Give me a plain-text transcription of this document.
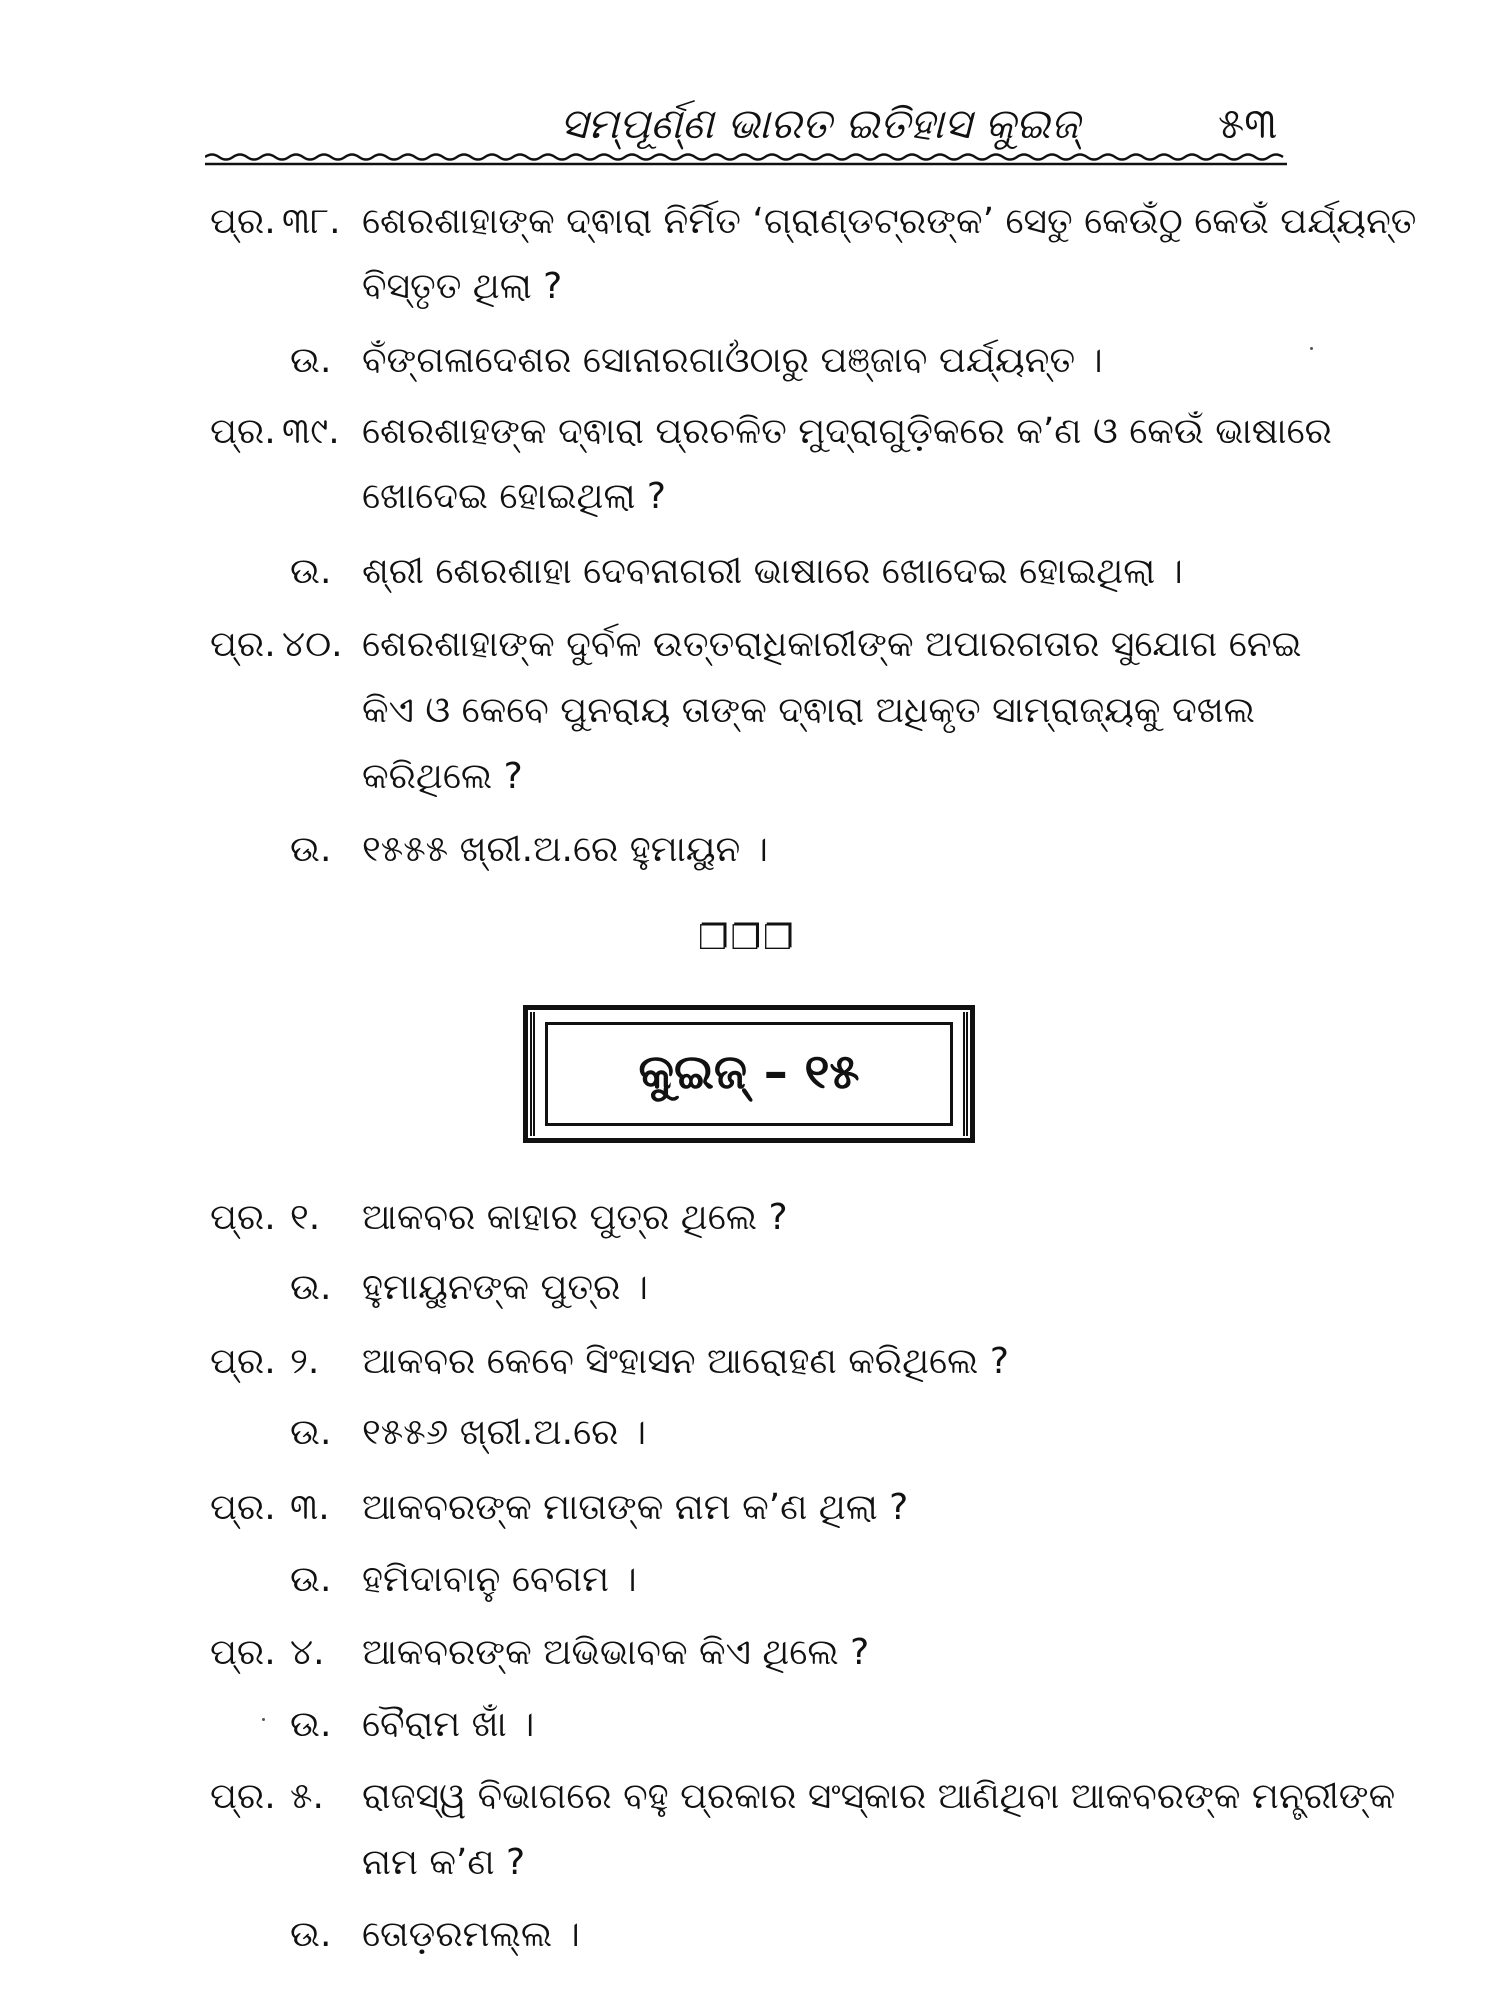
ସମ୍ପୂର୍ଣ୍ଣ ଭାରତ ଇତିହାସ କୁଇଜ୍	୫୩
ପ୍ର. ୩୮. ଶେରଶାହାଙ୍କ ଦ୍ଵାରା ନିର୍ମିତ ‘ଗ୍ରାଣ୍ଡଟ୍ରଙ୍କ’ ସେତୁ କେଉଁଠୁ କେଉଁ ପର୍ଯ୍ୟନ୍ତ
ବିସ୍ତୃତ ଥିଲା ?
ଉ. ବଁଙ୍ଗଳାଦେଶର ସୋନାରଗାଓଁଠାରୁ ପଞ୍ଜାବ ପର୍ଯ୍ୟନ୍ତ ।
ପ୍ର. ୩୯. ଶେରଶାହଙ୍କ ଦ୍ଵାରା ପ୍ରଚଳିତ ମୁଦ୍ରାଗୁଡ଼ିକରେ କ’ଣ ଓ କେଉଁ ଭାଷାରେ
ଖୋଦେଇ ହୋଇଥିଲା ?
ଉ. ଶ୍ରୀ ଶେରଶାହା ଦେବନାଗରୀ ଭାଷାରେ ଖୋଦେଇ ହୋଇଥିଲା ।
ପ୍ର. ୪୦. ଶେରଶାହାଙ୍କ ଦୁର୍ବଳ ଉତ୍ତରାଧିକାରୀଙ୍କ ଅପାରଗତାର ସୁଯୋଗ ନେଇ
କିଏ ଓ କେବେ ପୁନରାୟ ତାଙ୍କ ଦ୍ଵାରା ଅଧିକୃତ ସାମ୍ରାଜ୍ୟକୁ ଦଖଲ
କରିଥିଲେ ?
ଉ. ୧୫୫୫ ଖ୍ରୀ.ଅ.ରେ ହୁମାୟୁନ ।
❐❐❐
କୁଇଜ୍ – ୧୫
ପ୍ର. ୧. ଆକବର କାହାର ପୁତ୍ର ଥିଲେ ?
ଉ. ହୁମାୟୁନଙ୍କ ପୁତ୍ର ।
ପ୍ର. ୨. ଆକବର କେବେ ସିଂହାସନ ଆରୋହଣ କରିଥିଲେ ?
ଉ. ୧୫୫୬ ଖ୍ରୀ.ଅ.ରେ ।
ପ୍ର. ୩. ଆକବରଙ୍କ ମାତାଙ୍କ ନାମ କ’ଣ ଥିଲା ?
ଉ. ହମିଦାବାନୁ ବେଗମ ।
ପ୍ର. ୪. ଆକବରଙ୍କ ଅଭିଭାବକ କିଏ ଥିଲେ ?
ଉ. ବୈରାମ ଖାଁ ।
ପ୍ର. ୫. ରାଜସ୍ୱ ବିଭାଗରେ ବହୁ ପ୍ରକାର ସଂସ୍କାର ଆଣିଥିବା ଆକବରଙ୍କ ମନ୍ତ୍ରୀଙ୍କ
ନାମ କ’ଣ ?
ଉ. ତୋଡ଼ରମଲ୍ଲ ।
